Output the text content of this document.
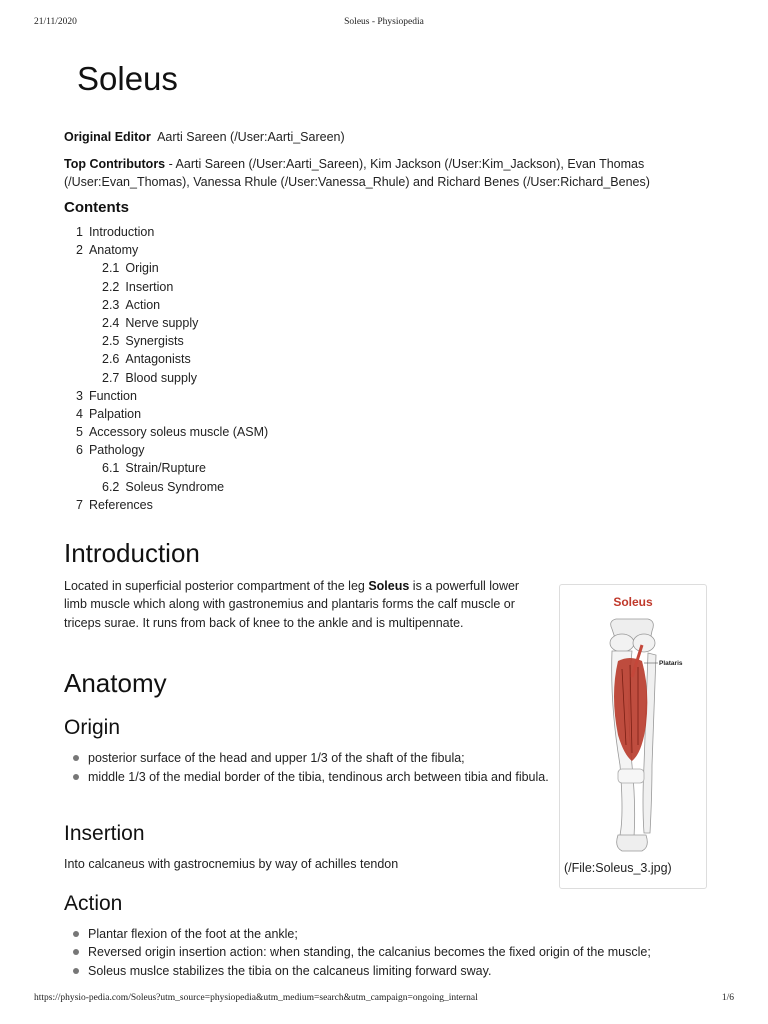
21/11/2020	Soleus - Physiopedia
Soleus

Original Editor Aarti Sareen (/User:Aarti_Sareen)

Top Contributors - Aarti Sareen (/User:Aarti_Sareen), Kim Jackson (/User:Kim_Jackson), Evan Thomas (/User:Evan_Thomas), Vanessa Rhule (/User:Vanessa_Rhule) and Richard Benes (/User:Richard_Benes)

Contents
1 Introduction
2 Anatomy
2.1 Origin
2.2 Insertion
2.3 Action
2.4 Nerve supply
2.5 Synergists
2.6 Antagonists
2.7 Blood supply
3 Function
4 Palpation
5 Accessory soleus muscle (ASM)
6 Pathology
6.1 Strain/Rupture
6.2 Soleus Syndrome
7 References
Introduction

Located in superficial posterior compartment of the leg Soleus is a powerfull lower limb muscle which along with gastronemius and plantaris forms the calf muscle or triceps surae. It runs from back of knee to the ankle and is multipennate.

Anatomy
Origin
posterior surface of the head and upper 1/3 of the shaft of the fibula;
middle 1/3 of the medial border of the tibia, tendinous arch between tibia and fibula.
Insertion

Into calcaneus with gastrocnemius by way of achilles tendon

Action
Plantar flexion of the foot at the ankle;
Reversed origin insertion action: when standing, the calcanius becomes the fixed origin of the muscle;
Soleus muslce stabilizes the tibia on the calcaneus limiting forward sway.
Soleus
Plataris
(/File:Soleus_3.jpg)
https://physio-pedia.com/Soleus?utm_source=physiopedia&utm_medium=search&utm_campaign=ongoing_internal	1/6
